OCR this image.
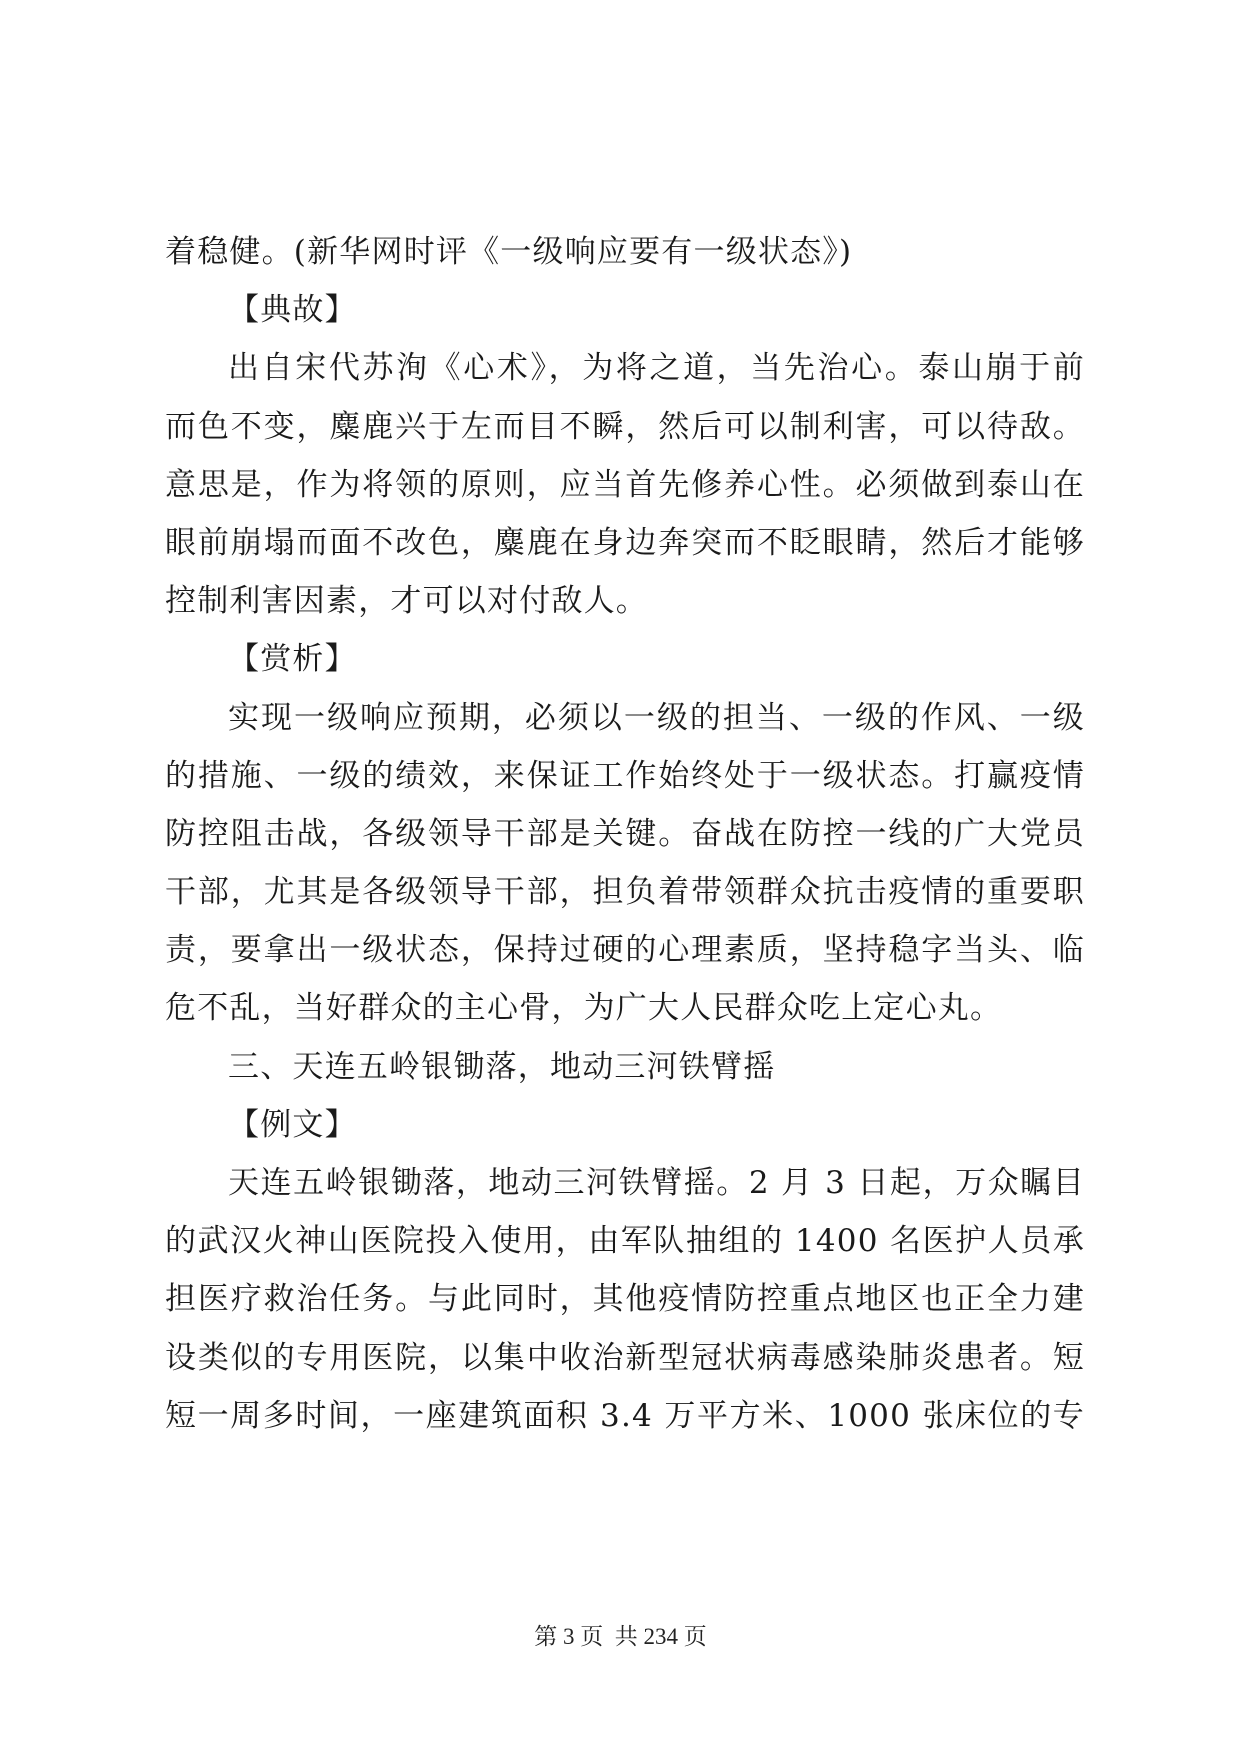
着稳健。(新华网时评《一级响应要有一级状态》)
【典故】
出自宋代苏洵《心术》，为将之道，当先治心。泰山崩于前
而色不变，麋鹿兴于左而目不瞬，然后可以制利害，可以待敌。
意思是，作为将领的原则，应当首先修养心性。必须做到泰山在
眼前崩塌而面不改色，麋鹿在身边奔突而不眨眼睛，然后才能够
控制利害因素，才可以对付敌人。
【赏析】
实现一级响应预期，必须以一级的担当、一级的作风、一级
的措施、一级的绩效，来保证工作始终处于一级状态。打赢疫情
防控阻击战，各级领导干部是关键。奋战在防控一线的广大党员
干部，尤其是各级领导干部，担负着带领群众抗击疫情的重要职
责，要拿出一级状态，保持过硬的心理素质，坚持稳字当头、临
危不乱，当好群众的主心骨，为广大人民群众吃上定心丸。
三、天连五岭银锄落，地动三河铁臂摇
【例文】
天连五岭银锄落，地动三河铁臂摇。2 月 3 日起，万众瞩目
的武汉火神山医院投入使用，由军队抽组的 1400 名医护人员承
担医疗救治任务。与此同时，其他疫情防控重点地区也正全力建
设类似的专用医院，以集中收治新型冠状病毒感染肺炎患者。短
短一周多时间，一座建筑面积 3.4 万平方米、1000 张床位的专
第 3 页  共 234 页
